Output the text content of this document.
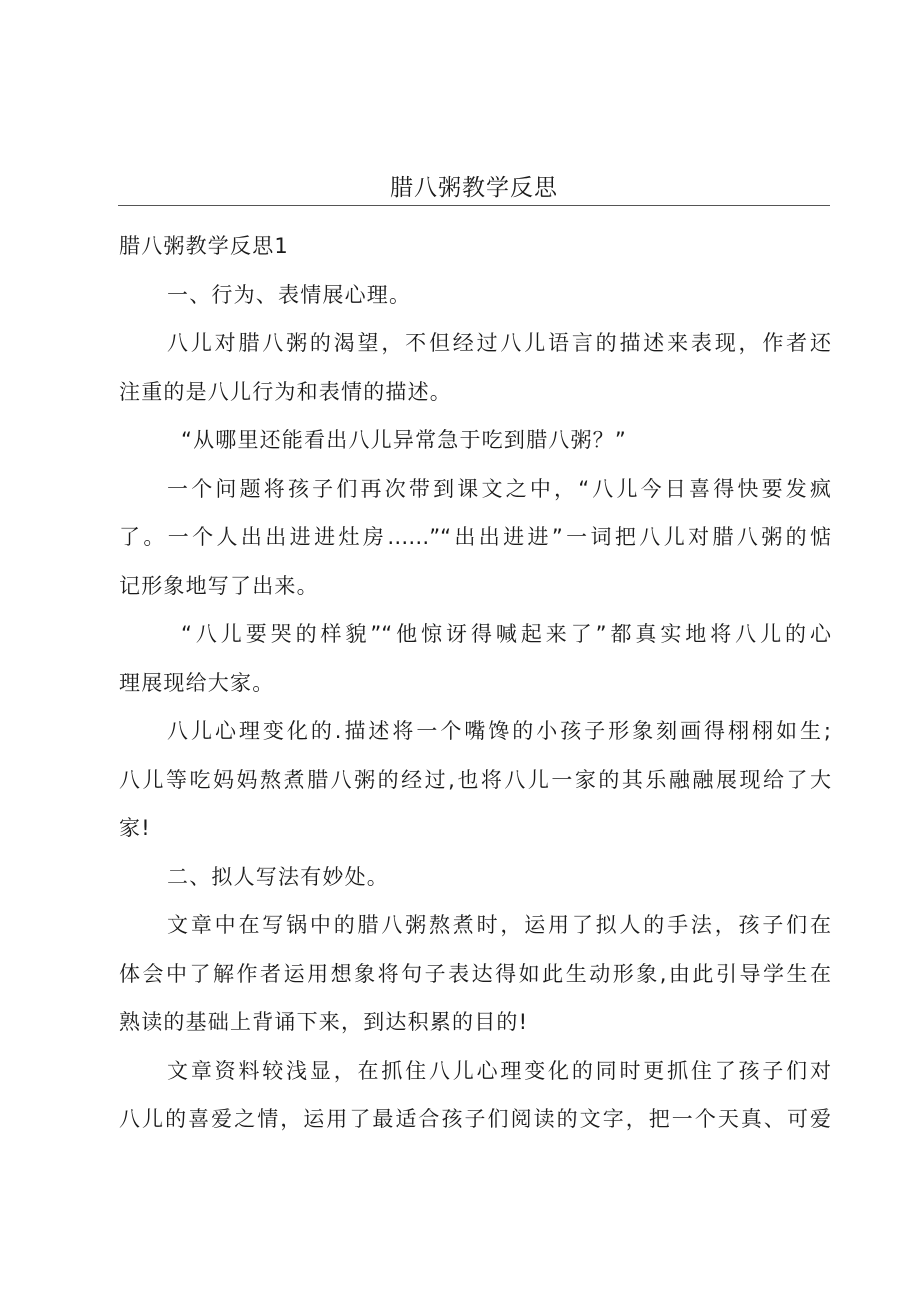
腊八粥教学反思
腊八粥教学反思1
一、行为、表情展心理。
八儿对腊八粥的渴望，不但经过八儿语言的描述来表现，作者还
注重的是八儿行为和表情的描述。
“从哪里还能看出八儿异常急于吃到腊八粥？”
一个问题将孩子们再次带到课文之中，“八儿今日喜得快要发疯
了。一个人出出进进灶房……”“出出进进”一词把八儿对腊八粥的惦
记形象地写了出来。
“八儿要哭的样貌”“他惊讶得喊起来了”都真实地将八儿的心
理展现给大家。
八儿心理变化的.描述将一个嘴馋的小孩子形象刻画得栩栩如生;
八儿等吃妈妈熬煮腊八粥的经过,也将八儿一家的其乐融融展现给了大
家!
二、拟人写法有妙处。
文章中在写锅中的腊八粥熬煮时，运用了拟人的手法，孩子们在
体会中了解作者运用想象将句子表达得如此生动形象,由此引导学生在
熟读的基础上背诵下来，到达积累的目的!
文章资料较浅显，在抓住八儿心理变化的同时更抓住了孩子们对
八儿的喜爱之情，运用了最适合孩子们阅读的文字，把一个天真、可爱
